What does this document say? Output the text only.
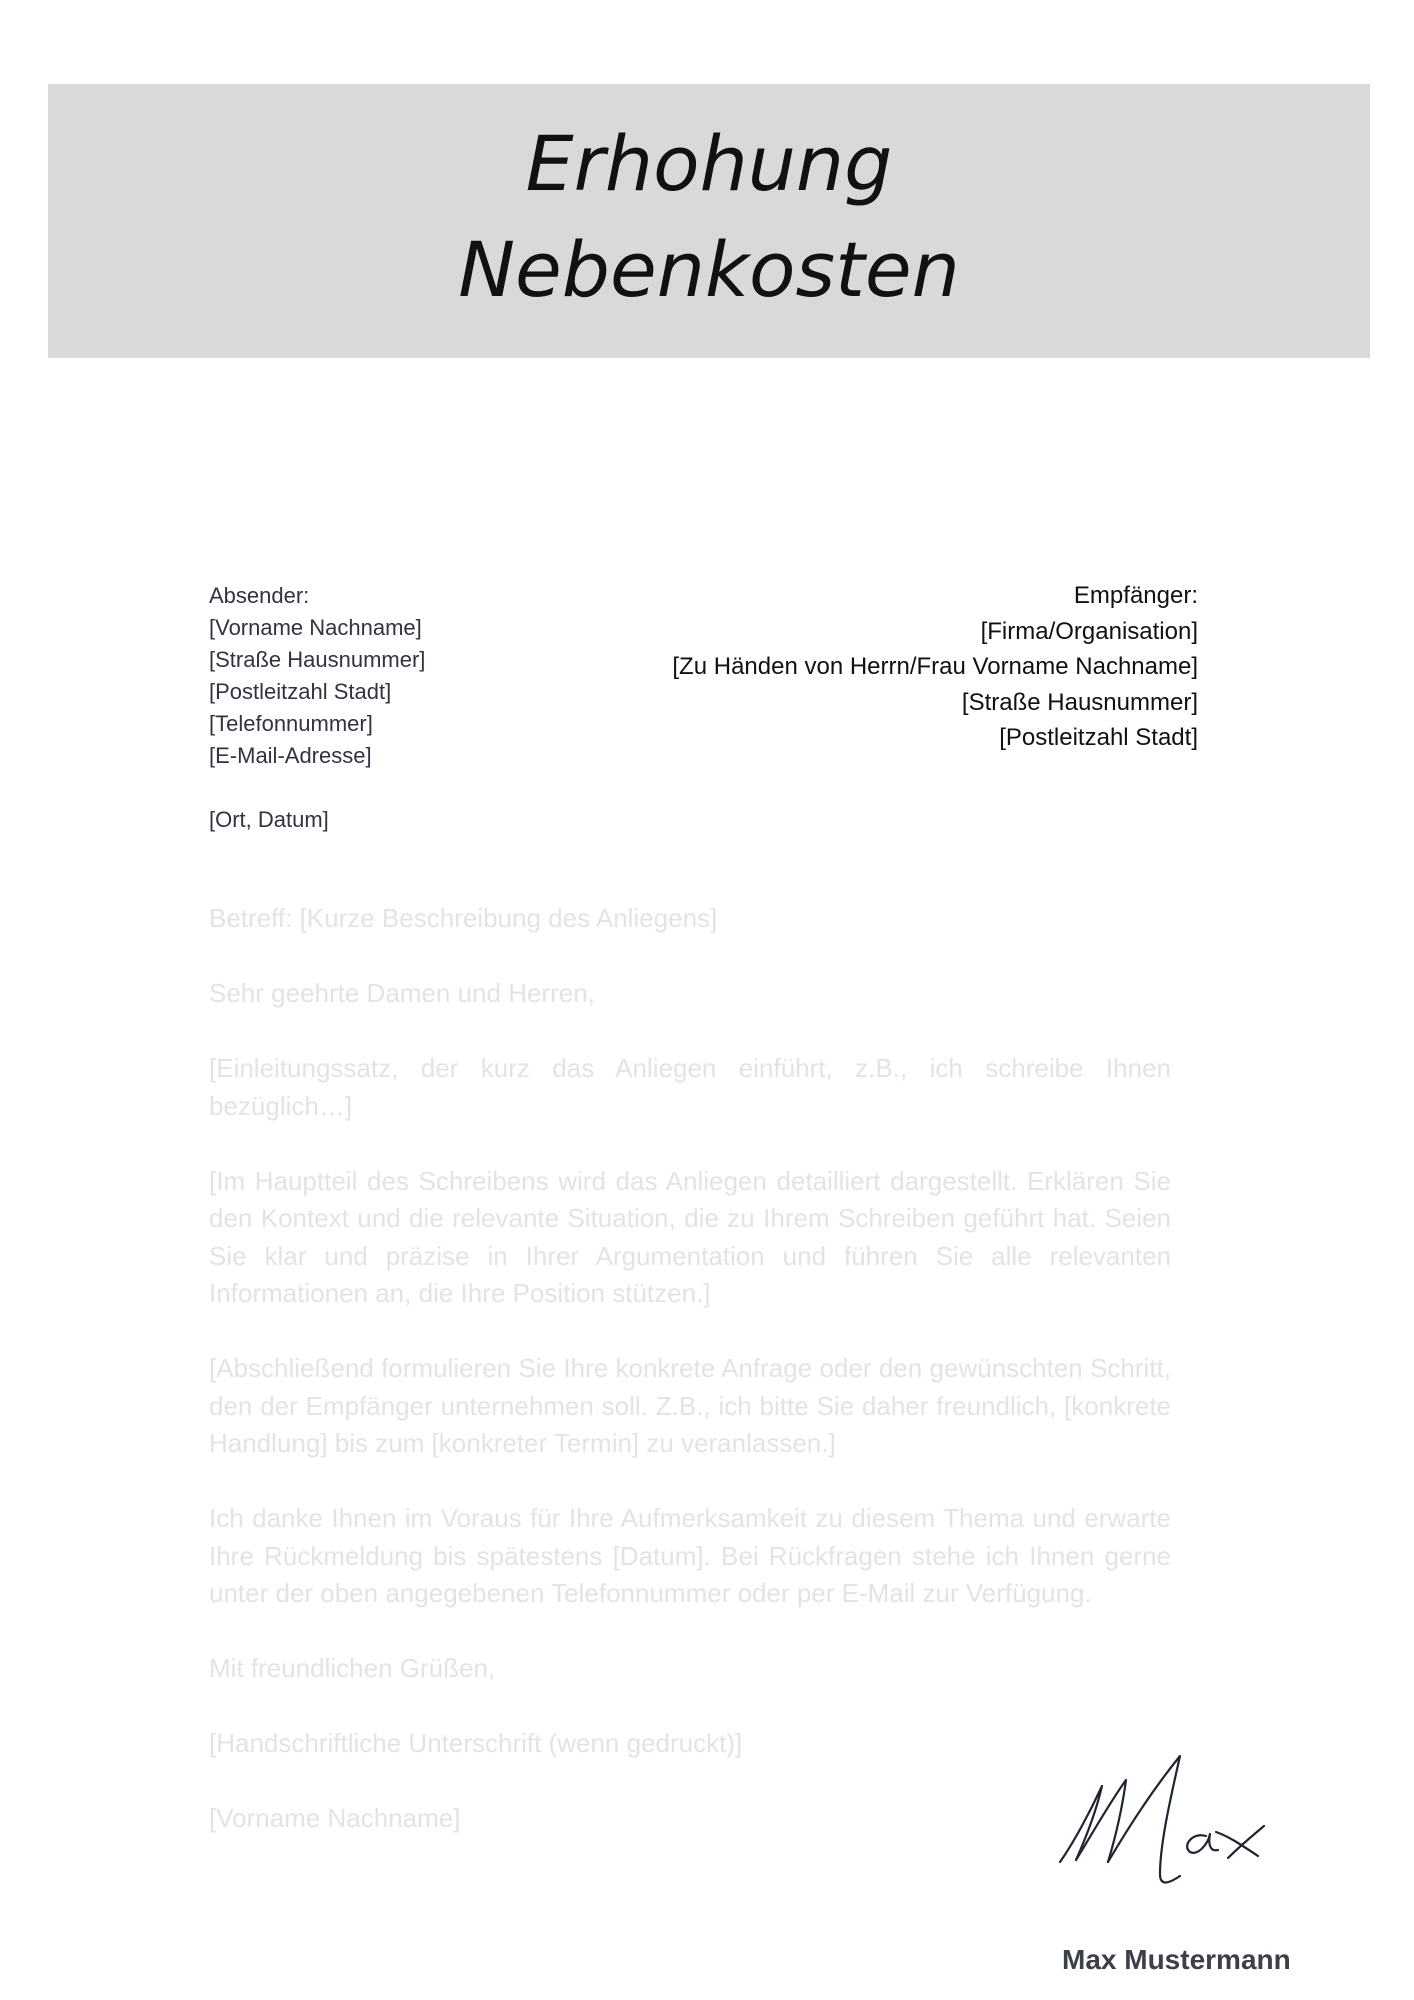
Erhohung
Nebenkosten
Absender:
[Vorname Nachname]
[Straße Hausnummer]
[Postleitzahl Stadt]
[Telefonnummer]
[E-Mail-Adresse]
[Ort, Datum]
Empfänger:
[Firma/Organisation]
[Zu Händen von Herrn/Frau Vorname Nachname]
[Straße Hausnummer]
[Postleitzahl Stadt]

Betreff: [Kurze Beschreibung des Anliegens]

Sehr geehrte Damen und Herren,

[Einleitungssatz, der kurz das Anliegen einführt, z.B., ich schreibe Ihnen bezüglich…]

[Im Hauptteil des Schreibens wird das Anliegen detailliert dargestellt. Erklären Sie den Kontext und die relevante Situation, die zu Ihrem Schreiben geführt hat. Seien Sie klar und präzise in Ihrer Argumentation und führen Sie alle relevanten Informationen an, die Ihre Position stützen.]

[Abschließend formulieren Sie Ihre konkrete Anfrage oder den gewünschten Schritt, den der Empfänger unternehmen soll. Z.B., ich bitte Sie daher freundlich, [konkrete Handlung] bis zum [konkreter Termin] zu veranlassen.]

Ich danke Ihnen im Voraus für Ihre Aufmerksamkeit zu diesem Thema und erwarte Ihre Rückmeldung bis spätestens [Datum]. Bei Rückfragen stehe ich Ihnen gerne unter der oben angegebenen Telefonnummer oder per E-Mail zur Verfügung.

Mit freundlichen Grüßen,

[Handschriftliche Unterschrift (wenn gedruckt)]

[Vorname Nachname]

Max Mustermann
